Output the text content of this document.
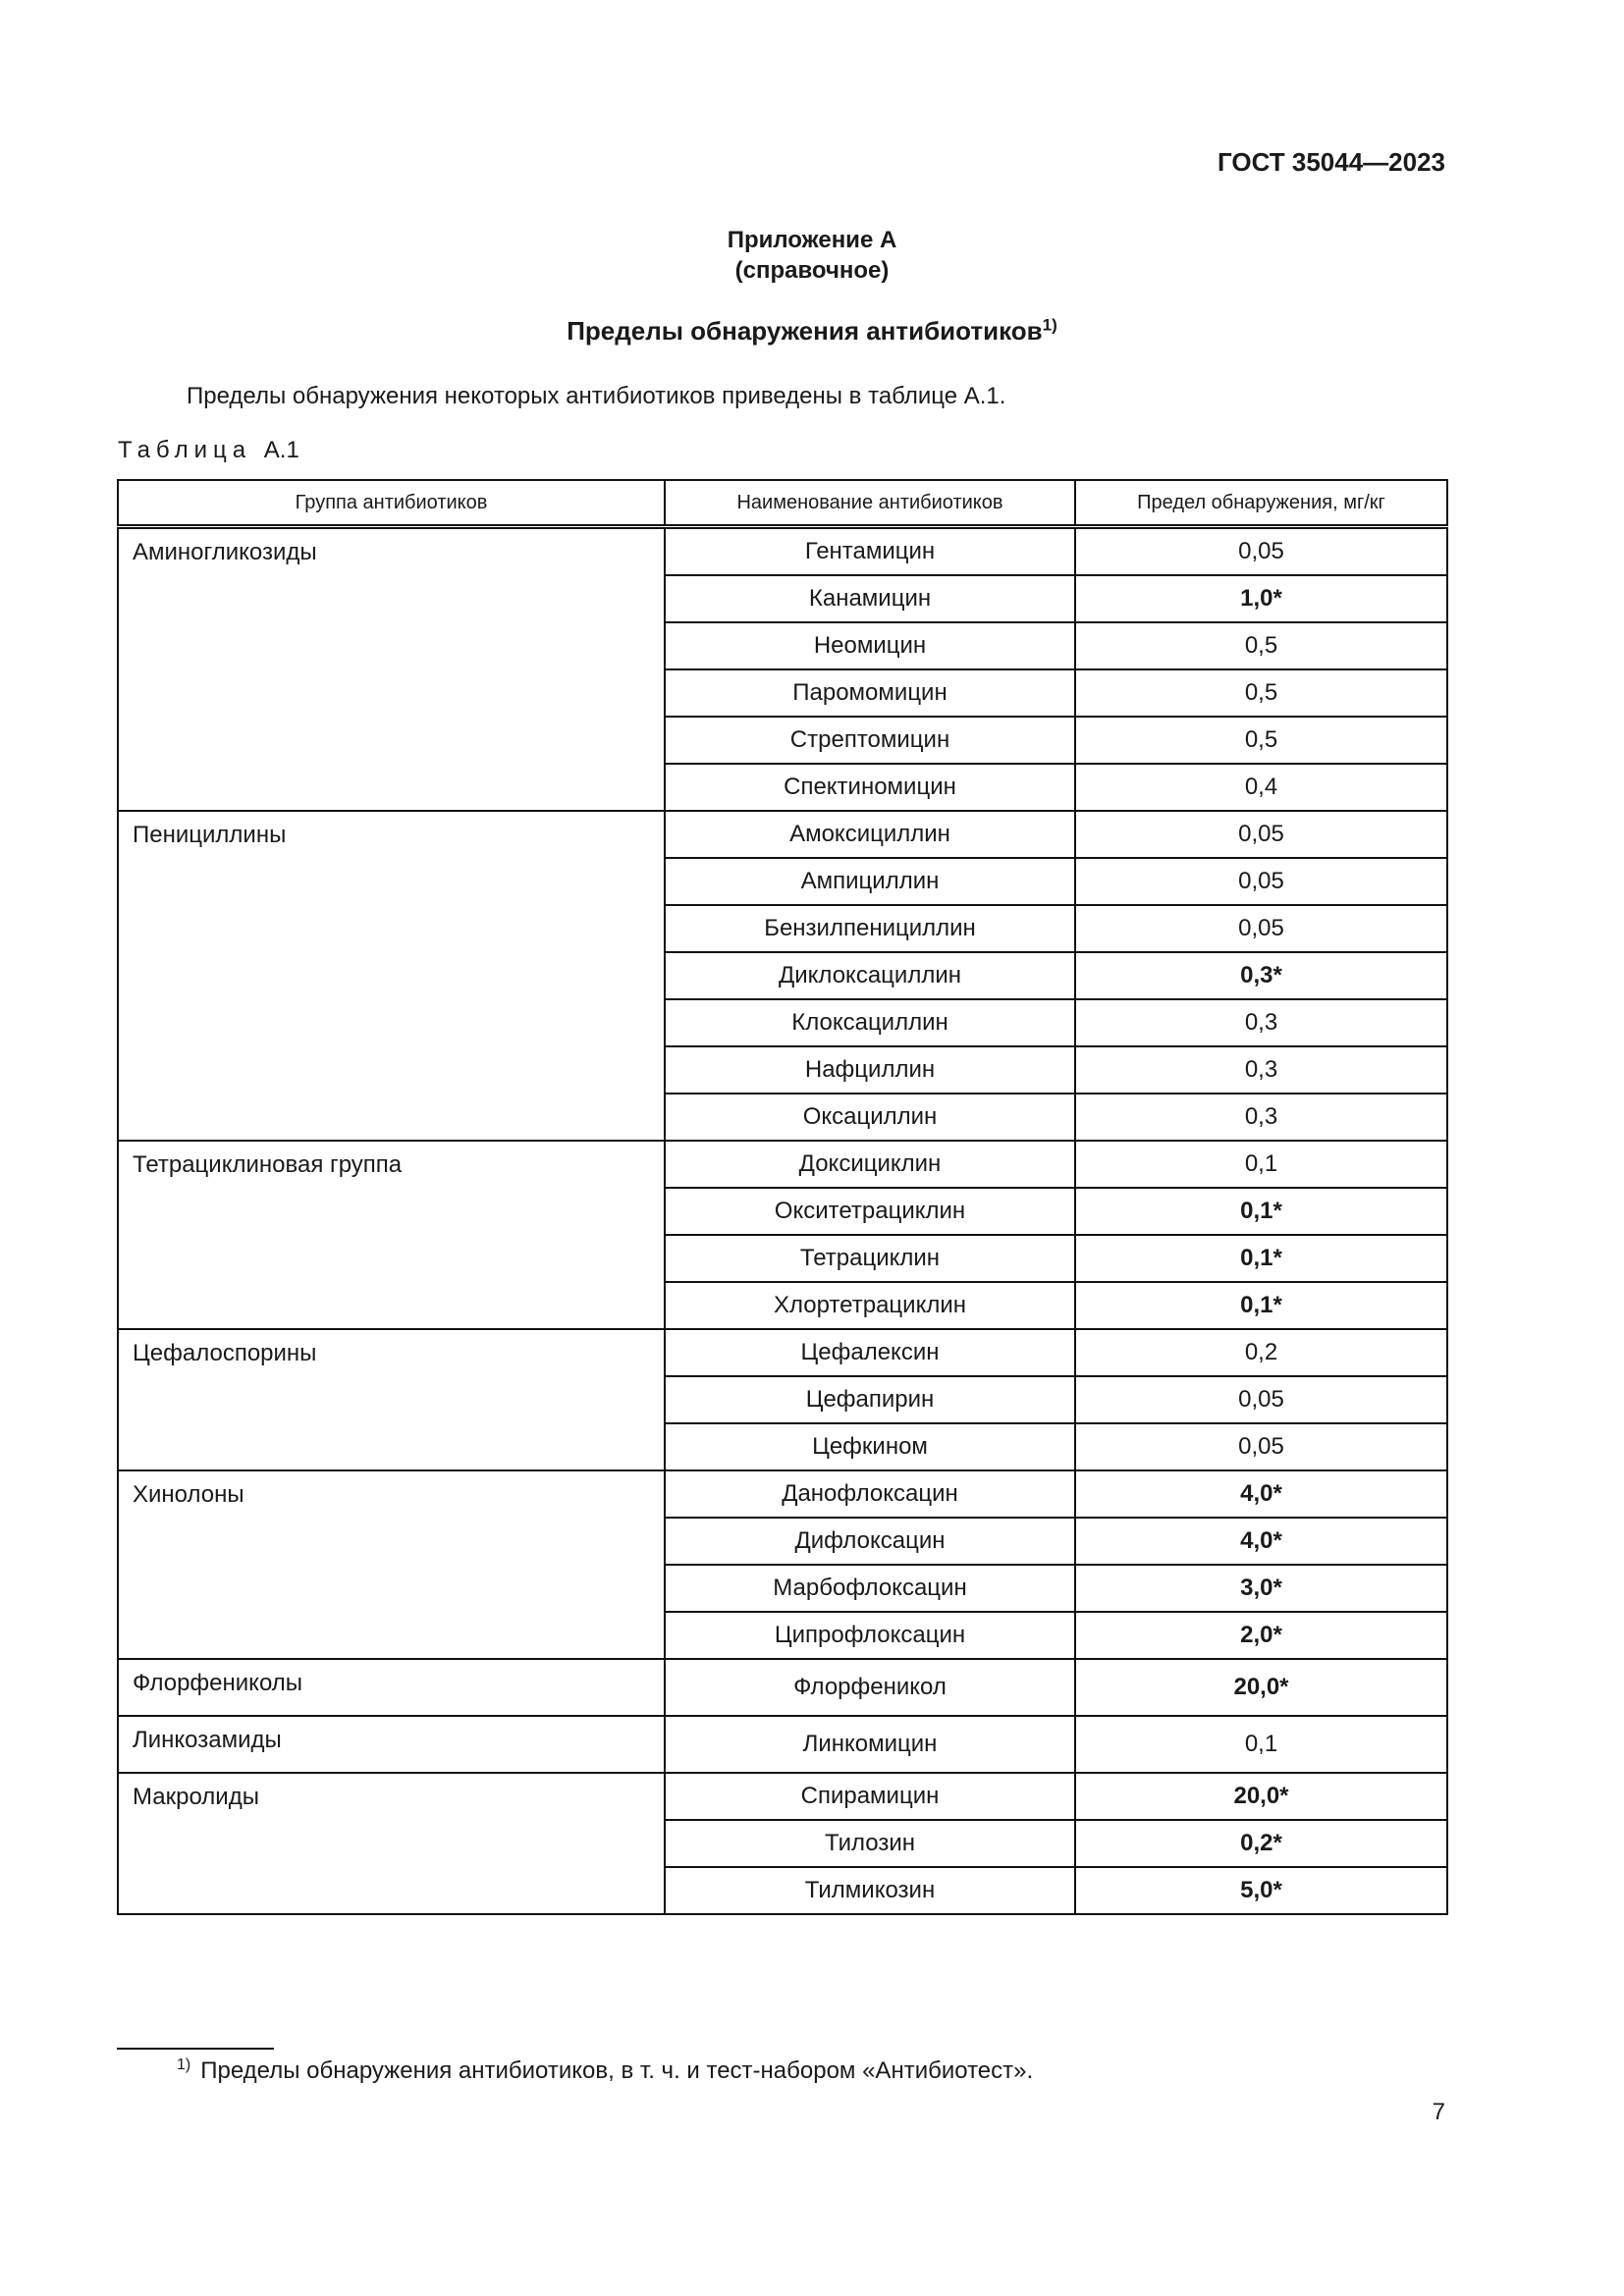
ГОСТ 35044—2023
Приложение А
(справочное)
Пределы обнаружения антибиотиков$^{1)}$
Пределы обнаружения некоторых антибиотиков приведены в таблице А.1.
Таблица А.1
Группа антибиотиков	Наименование антибиотиков	Предел обнаружения, мг/кг
Аминогликозиды	Гентамицин	0,05
	Канамицин	1,0*
	Неомицин	0,5
	Паромомицин	0,5
	Стрептомицин	0,5
	Спектиномицин	0,4
Пенициллины	Амоксициллин	0,05
	Ампициллин	0,05
	Бензилпенициллин	0,05
	Диклоксациллин	0,3*
	Клоксациллин	0,3
	Нафциллин	0,3
	Оксациллин	0,3
Тетрациклиновая группа	Доксициклин	0,1
	Окситетрациклин	0,1*
	Тетрациклин	0,1*
	Хлортетрациклин	0,1*
Цефалоспорины	Цефалексин	0,2
	Цефапирин	0,05
	Цефкином	0,05
Хинолоны	Данофлоксацин	4,0*
	Дифлоксацин	4,0*
	Марбофлоксацин	3,0*
	Ципрофлоксацин	2,0*
Флорфениколы	Флорфеникол	20,0*
Линкозамиды	Линкомицин	0,1
Макролиды	Спирамицин	20,0*
	Тилозин	0,2*
	Тилмикозин	5,0*
$^{1)}$ Пределы обнаружения антибиотиков, в т. ч. и тест-набором «Антибиотест».
7
